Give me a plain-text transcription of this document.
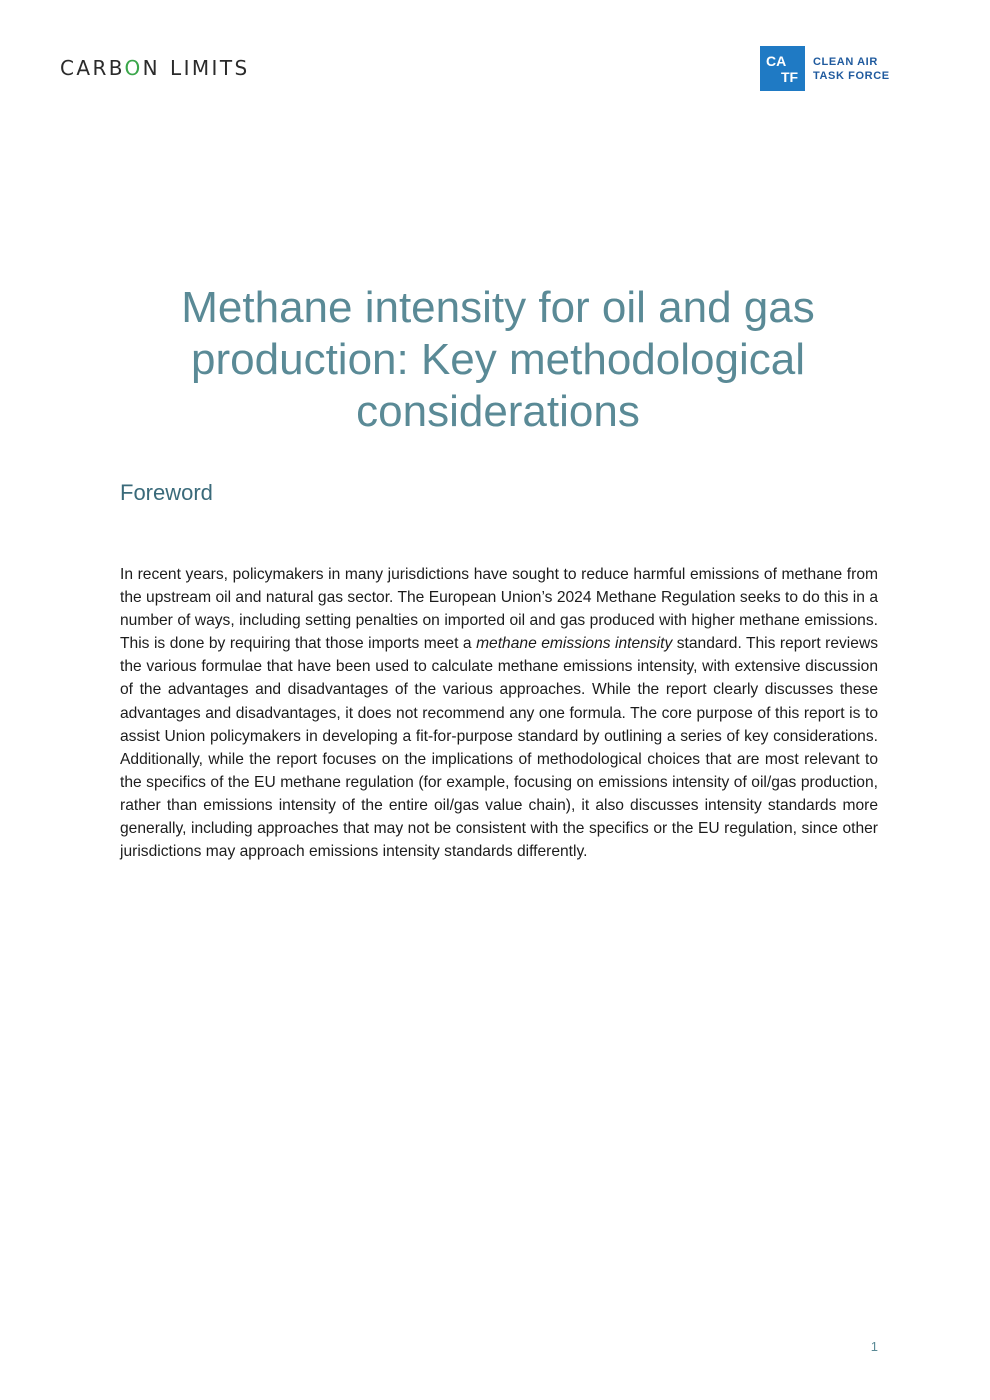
CARBON LIMITS	CA
TF
CLEAN AIR
TASK FORCE
Methane intensity for oil and gas production: Key methodological considerations
Foreword

In recent years, policymakers in many jurisdictions have sought to reduce harmful emissions of methane from the upstream oil and natural gas sector. The European Union’s 2024 Methane Regulation seeks to do this in a number of ways, including setting penalties on imported oil and gas produced with higher methane emissions. This is done by requiring that those imports meet a methane emissions intensity standard. This report reviews the various formulae that have been used to calculate methane emissions intensity, with extensive discussion of the advantages and disadvantages of the various approaches. While the report clearly discusses these advantages and disadvantages, it does not recommend any one formula. The core purpose of this report is to assist Union policymakers in developing a fit-for-purpose standard by outlining a series of key considerations. Additionally, while the report focuses on the implications of methodological choices that are most relevant to the specifics of the EU methane regulation (for example, focusing on emissions intensity of oil/gas production, rather than emissions intensity of the entire oil/gas value chain), it also discusses intensity standards more generally, including approaches that may not be consistent with the specifics or the EU regulation, since other jurisdictions may approach emissions intensity standards differently.

1
